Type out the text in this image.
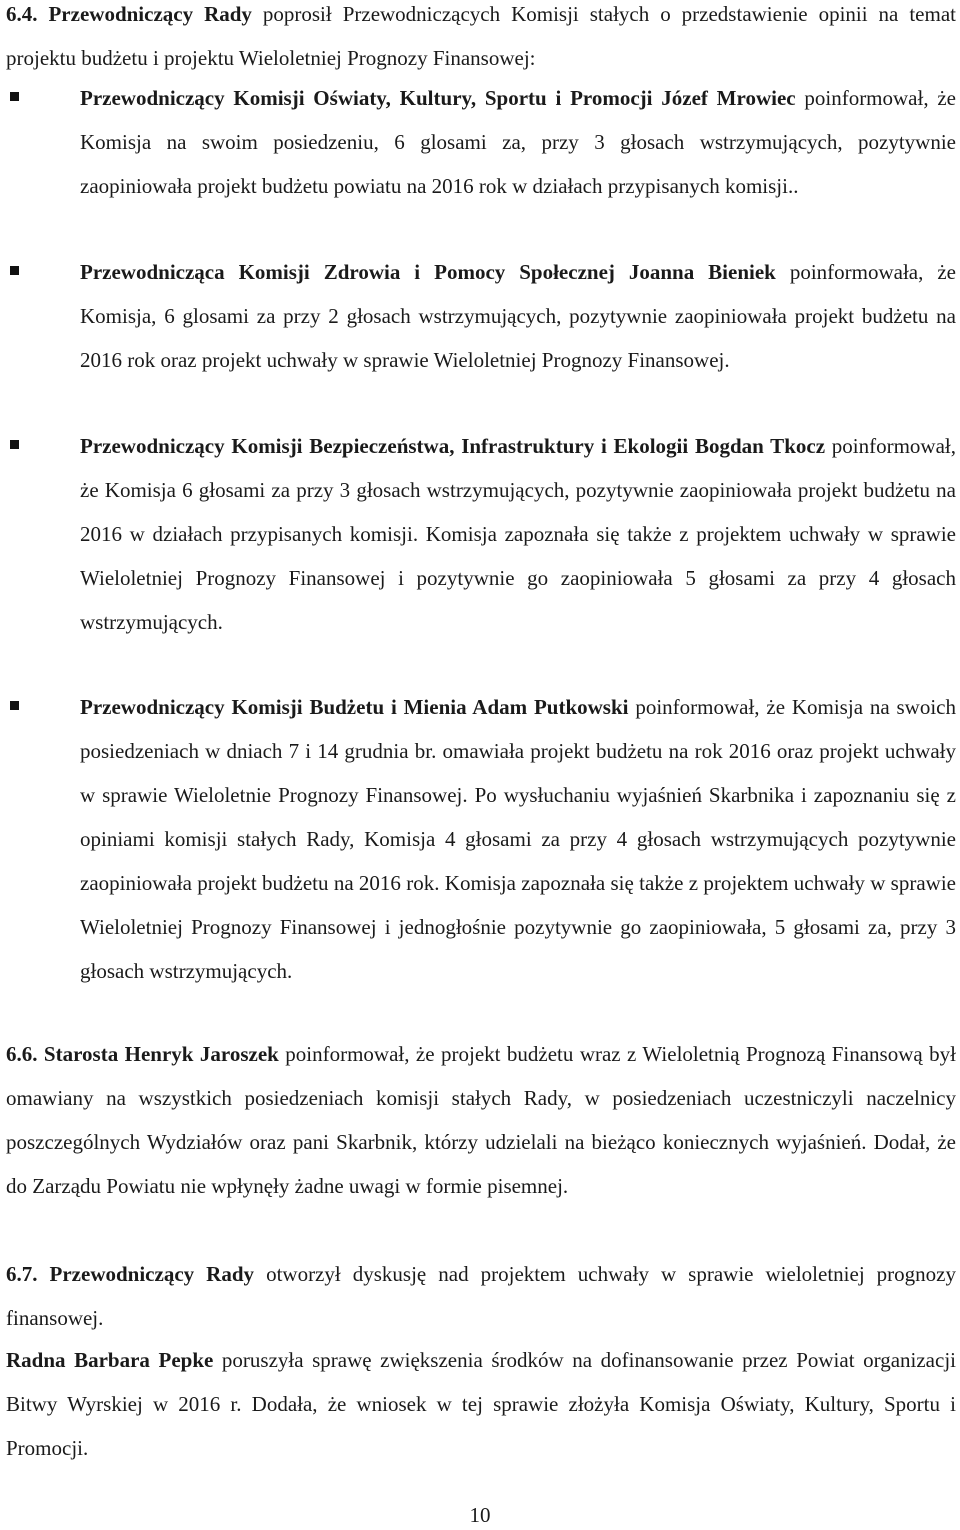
6.4. Przewodniczący Rady poprosił Przewodniczących Komisji stałych o przedstawienie opinii na temat projektu budżetu i projektu Wieloletniej Prognozy Finansowej:

Przewodniczący Komisji Oświaty, Kultury, Sportu i Promocji Józef Mrowiec poinformował, że Komisja na swoim posiedzeniu, 6 glosami za, przy 3 głosach wstrzymujących, pozytywnie zaopiniowała projekt budżetu powiatu na 2016 rok w działach przypisanych komisji..

Przewodnicząca Komisji Zdrowia i Pomocy Społecznej Joanna Bieniek poinformowała, że Komisja, 6 glosami za przy 2 głosach wstrzymujących, pozytywnie zaopiniowała projekt budżetu na 2016 rok oraz projekt uchwały w sprawie Wieloletniej Prognozy Finansowej.

Przewodniczący Komisji Bezpieczeństwa, Infrastruktury i Ekologii Bogdan Tkocz poinformował, że Komisja 6 głosami za przy 3 głosach wstrzymujących, pozytywnie zaopiniowała projekt budżetu na 2016 w działach przypisanych komisji. Komisja zapoznała się także z projektem uchwały w sprawie Wieloletniej Prognozy Finansowej i pozytywnie go zaopiniowała 5 głosami za przy 4 głosach wstrzymujących.

Przewodniczący Komisji Budżetu i Mienia Adam Putkowski poinformował, że Komisja na swoich posiedzeniach w dniach 7 i 14 grudnia br. omawiała projekt budżetu na rok 2016 oraz projekt uchwały w sprawie Wieloletnie Prognozy Finansowej. Po wysłuchaniu wyjaśnień Skarbnika i zapoznaniu się z opiniami komisji stałych Rady, Komisja 4 głosami za przy 4 głosach wstrzymujących pozytywnie zaopiniowała projekt budżetu na 2016 rok. Komisja zapoznała się także z projektem uchwały w sprawie Wieloletniej Prognozy Finansowej i jednogłośnie pozytywnie go zaopiniowała, 5 głosami za, przy 3 głosach wstrzymujących.

6.6. Starosta Henryk Jaroszek poinformował, że projekt budżetu wraz z Wieloletnią Prognozą Finansową był omawiany na wszystkich posiedzeniach komisji stałych Rady, w posiedzeniach uczestniczyli naczelnicy poszczególnych Wydziałów oraz pani Skarbnik, którzy udzielali na bieżąco koniecznych wyjaśnień. Dodał, że do Zarządu Powiatu nie wpłynęły żadne uwagi w formie pisemnej.

6.7. Przewodniczący Rady otworzył dyskusję nad projektem uchwały w sprawie wieloletniej prognozy finansowej.

Radna Barbara Pepke poruszyła sprawę zwiększenia środków na dofinansowanie przez Powiat organizacji Bitwy Wyrskiej w 2016 r. Dodała, że wniosek w tej sprawie złożyła Komisja Oświaty, Kultury, Sportu i Promocji.

10
